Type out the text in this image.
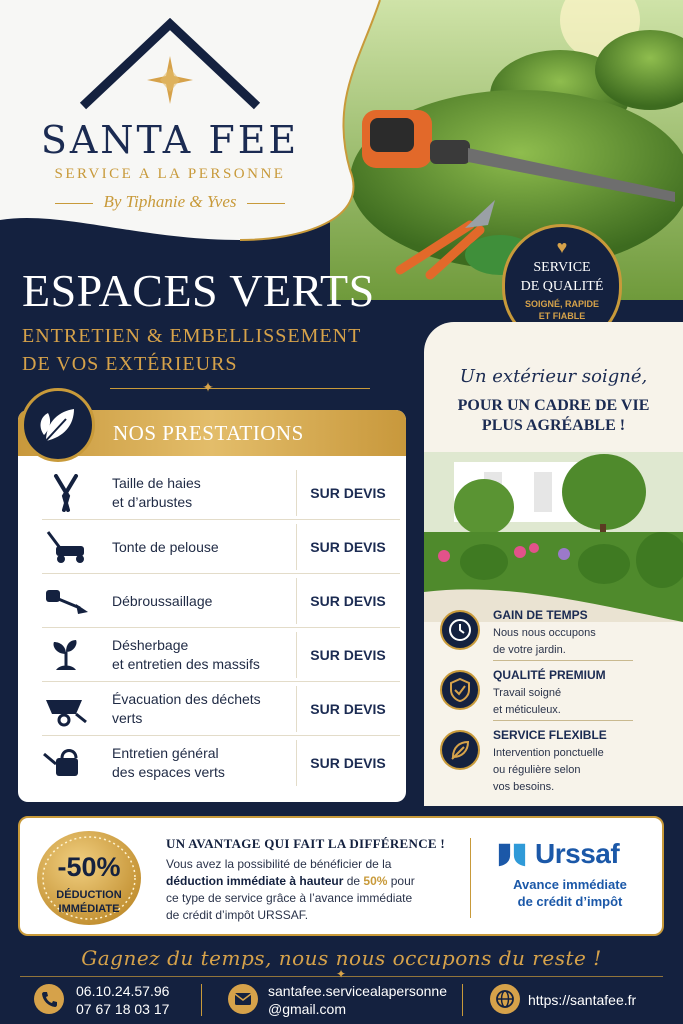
SANTA FEE
SERVICE A LA PERSONNE
By Tiphanie & Yves
♥
SERVICE
DE QUALITÉ
SOIGNÉ, RAPIDE
ET FIABLE
ESPACES VERTS
ENTRETIEN & EMBELLISSEMENT
DE VOS EXTÉRIEURS
✦
NOS PRESTATIONS
Taille de haies
et d’arbustes
SUR DEVIS
Tonte de pelouse	SUR DEVIS
Débroussaillage	SUR DEVIS
Désherbage
et entretien des massifs
SUR DEVIS
Évacuation des déchets
verts
SUR DEVIS
Entretien général
des espaces verts
SUR DEVIS
Un extérieur soigné,
POUR UN CADRE DE VIE
PLUS AGRÉABLE !
GAIN DE TEMPS
Nous nous occupons
de votre jardin.
QUALITÉ PREMIUM
Travail soigné
et méticuleux.
SERVICE FLEXIBLE
Intervention ponctuelle
ou régulière selon
vos besoins.
-50%
DÉDUCTION
IMMÉDIATE
UN AVANTAGE QUI FAIT LA DIFFÉRENCE !
Vous avez la possibilité de bénéficier de la
déduction immédiate à hauteur de 50% pour
ce type de service grâce à l’avance immédiate
de crédit d’impôt URSSAF.
Urssaf
Avance immédiate
de crédit d’impôt
Gagnez du temps, nous nous occupons du reste !
✦
06.10.24.57.96
07 67 18 03 17
santafee.servicealapersonne
@gmail.com
https://santafee.fr
